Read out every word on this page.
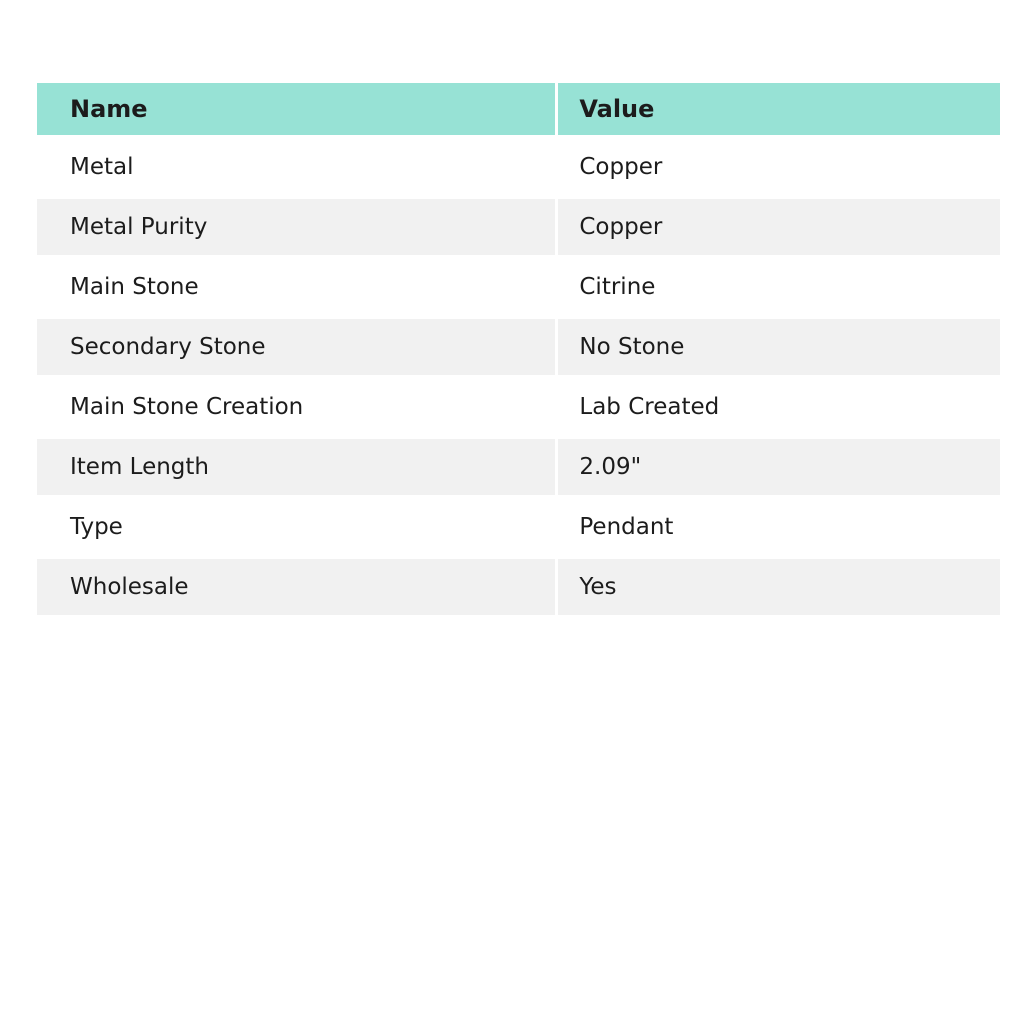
Name	Value
Metal	Copper
Metal Purity	Copper
Main Stone	Citrine
Secondary Stone	No Stone
Main Stone Creation	Lab Created
Item Length	2.09"
Type	Pendant
Wholesale	Yes
